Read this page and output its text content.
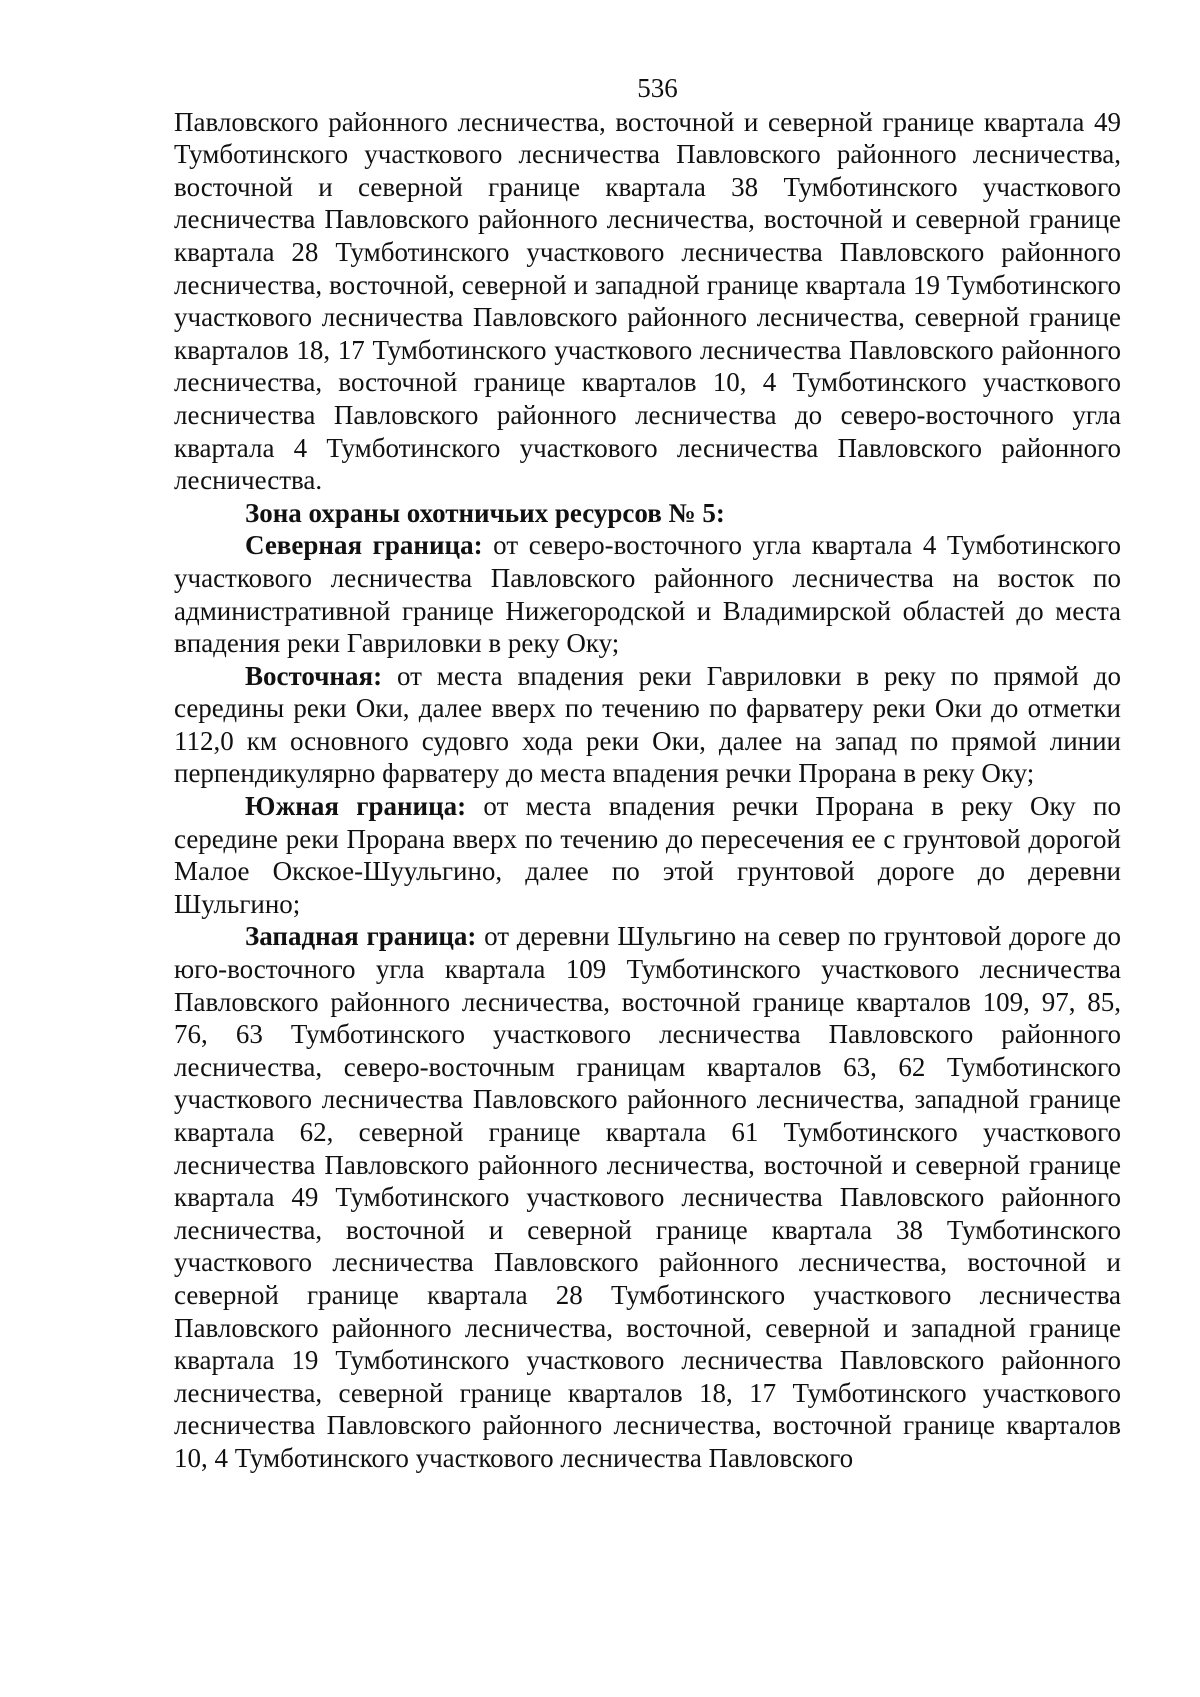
536

Павловского районного лесничества, восточной и северной границе квартала 49 Тумботинского участкового лесничества Павловского районного лесничества, восточной и северной границе квартала 38 Тумботинского участкового лесничества Павловского районного лесничества, восточной и северной границе квартала 28 Тумботинского участкового лесничества Павловского районного лесничества, восточной, северной и западной границе квартала 19 Тумботинского участкового лесничества Павловского районного лесничества, северной границе кварталов 18, 17 Тумботинского участкового лесничества Павловского районного лесничества, восточной границе кварталов 10, 4 Тумботинского участкового лесничества Павловского районного лесничества до северо-восточного угла квартала 4 Тумботинского участкового лесничества Павловского районного лесничества.

Зона охраны охотничьих ресурсов № 5:

Северная граница: от северо-восточного угла квартала 4 Тумботинского участкового лесничества Павловского районного лесничества на восток по административной границе Нижегородской и Владимирской областей до места впадения реки Гавриловки в реку Оку;

Восточная: от места впадения реки Гавриловки в реку по прямой до середины реки Оки, далее вверх по течению по фарватеру реки Оки до отметки 112,0 км основного судовго хода реки Оки, далее на запад по прямой линии перпендикулярно фарватеру до места впадения речки Прорана в реку Оку;

Южная граница: от места впадения речки Прорана в реку Оку по середине реки Прорана вверх по течению до пересечения ее с грунтовой дорогой Малое Окское-Шуульгино, далее по этой грунтовой дороге до деревни Шульгино;

Западная граница: от деревни Шульгино на север по грунтовой дороге до юго-восточного угла квартала 109 Тумботинского участкового лесничества Павловского районного лесничества, восточной границе кварталов 109, 97, 85, 76, 63 Тумботинского участкового лесничества Павловского районного лесничества, северо-восточным границам кварталов 63, 62 Тумботинского участкового лесничества Павловского районного лесничества, западной границе квартала 62, северной границе квартала 61 Тумботинского участкового лесничества Павловского районного лесничества, восточной и северной границе квартала 49 Тумботинского участкового лесничества Павловского районного лесничества, восточной и северной границе квартала 38 Тумботинского участкового лесничества Павловского районного лесничества, восточной и северной границе квартала 28 Тумботинского участкового лесничества Павловского районного лесничества, восточной, северной и западной границе квартала 19 Тумботинского участкового лесничества Павловского районного лесничества, северной границе кварталов 18, 17 Тумботинского участкового лесничества Павловского районного лесничества, восточной границе кварталов 10, 4 Тумботинского участкового лесничества Павловского
